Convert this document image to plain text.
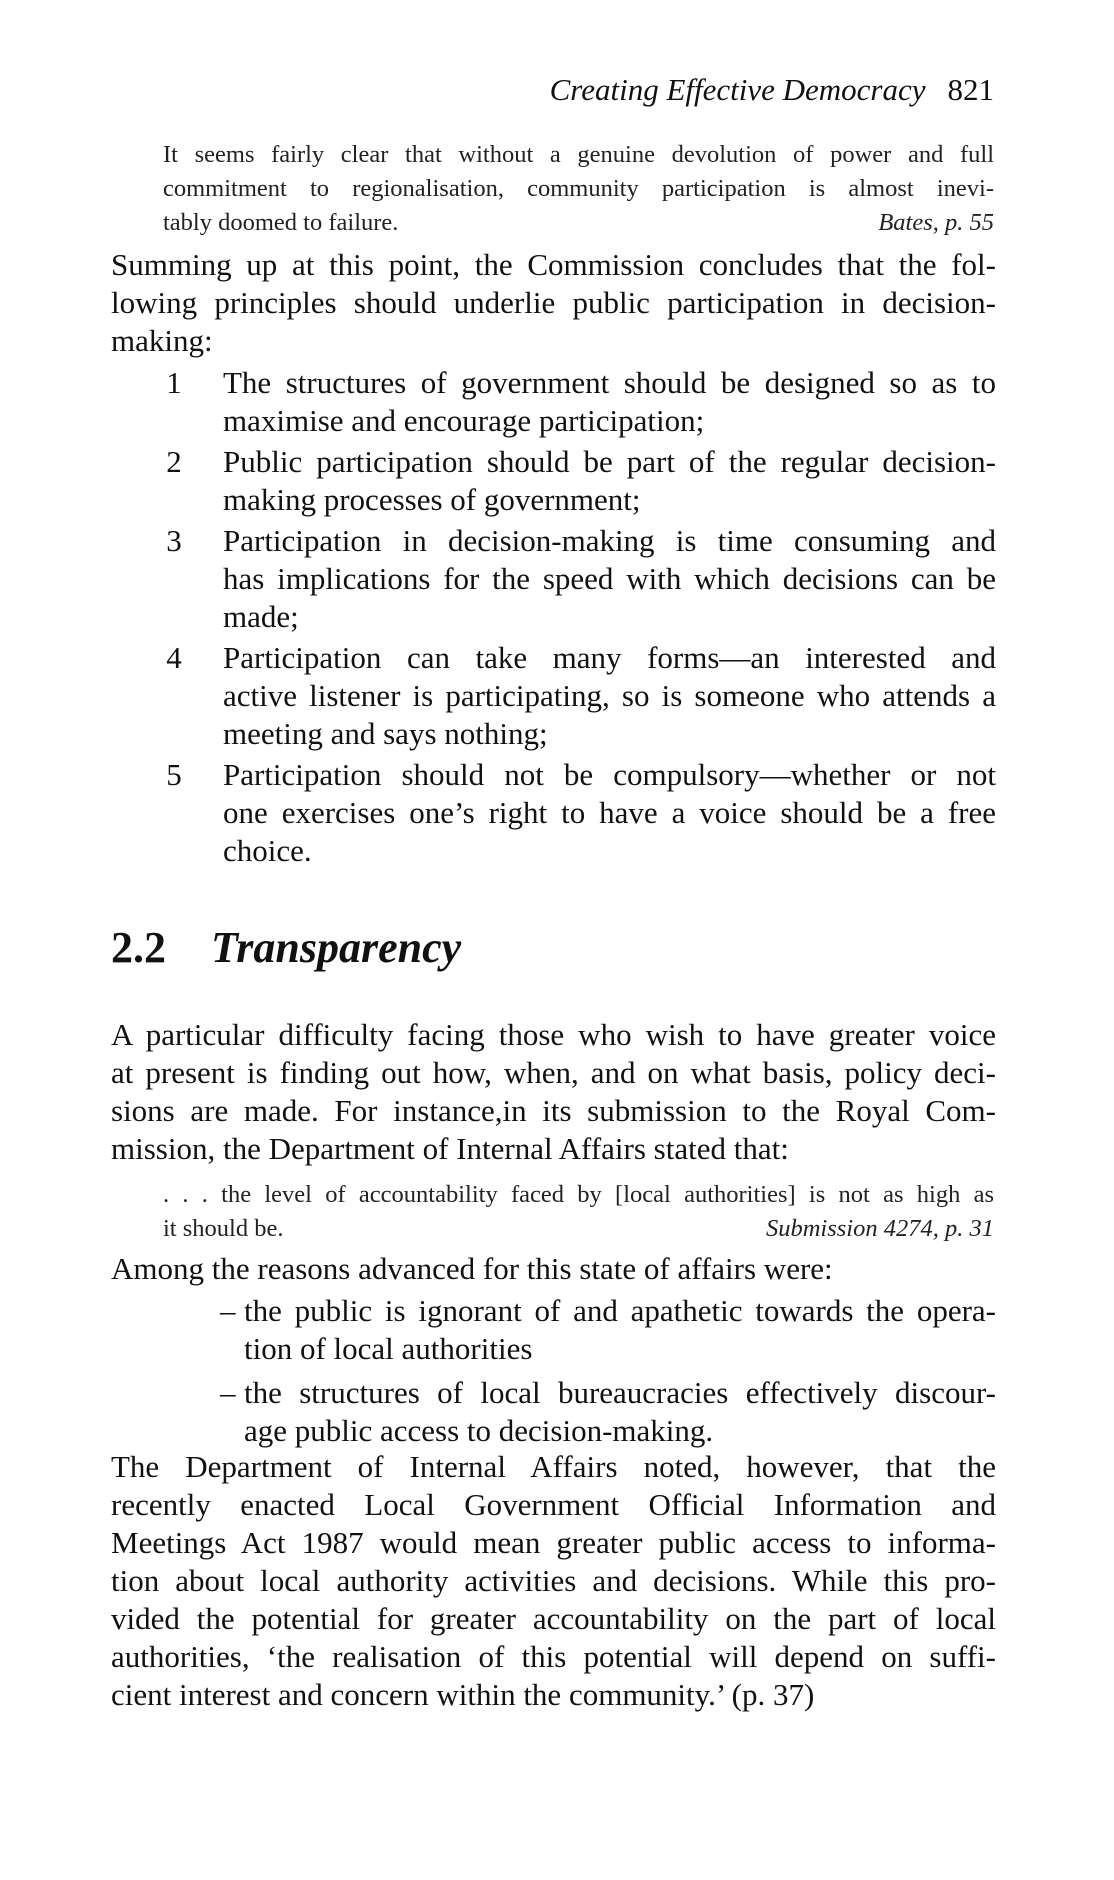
Creating Effective Democracy 821
It seems fairly clear that without a genuine devolution of power and full
commitment to regionalisation, community participation is almost inevi-
tably doomed to failure.	Bates, p. 55
Summing up at this point, the Commission concludes that the fol-
lowing principles should underlie public participation in decision-
making:
1 The structures of government should be designed so as to
maximise and encourage participation;
2 Public participation should be part of the regular decision-
making processes of government;
3 Participation in decision-making is time consuming and
has implications for the speed with which decisions can be
made;
4 Participation can take many forms—an interested and
active listener is participating, so is someone who attends a
meeting and says nothing;
5 Participation should not be compulsory—whether or not
one exercises one’s right to have a voice should be a free
choice.
2.2 Transparency
A particular difficulty facing those who wish to have greater voice
at present is finding out how, when, and on what basis, policy deci-
sions are made. For instance,in its submission to the Royal Com-
mission, the Department of Internal Affairs stated that:
. . . the level of accountability faced by [local authorities] is not as high as
it should be.	Submission 4274, p. 31
Among the reasons advanced for this state of affairs were:
– the public is ignorant of and apathetic towards the opera-
tion of local authorities
– the structures of local bureaucracies effectively discour-
age public access to decision-making.
The Department of Internal Affairs noted, however, that the
recently enacted Local Government Official Information and
Meetings Act 1987 would mean greater public access to informa-
tion about local authority activities and decisions. While this pro-
vided the potential for greater accountability on the part of local
authorities, ‘the realisation of this potential will depend on suffi-
cient interest and concern within the community.’ (p. 37)
